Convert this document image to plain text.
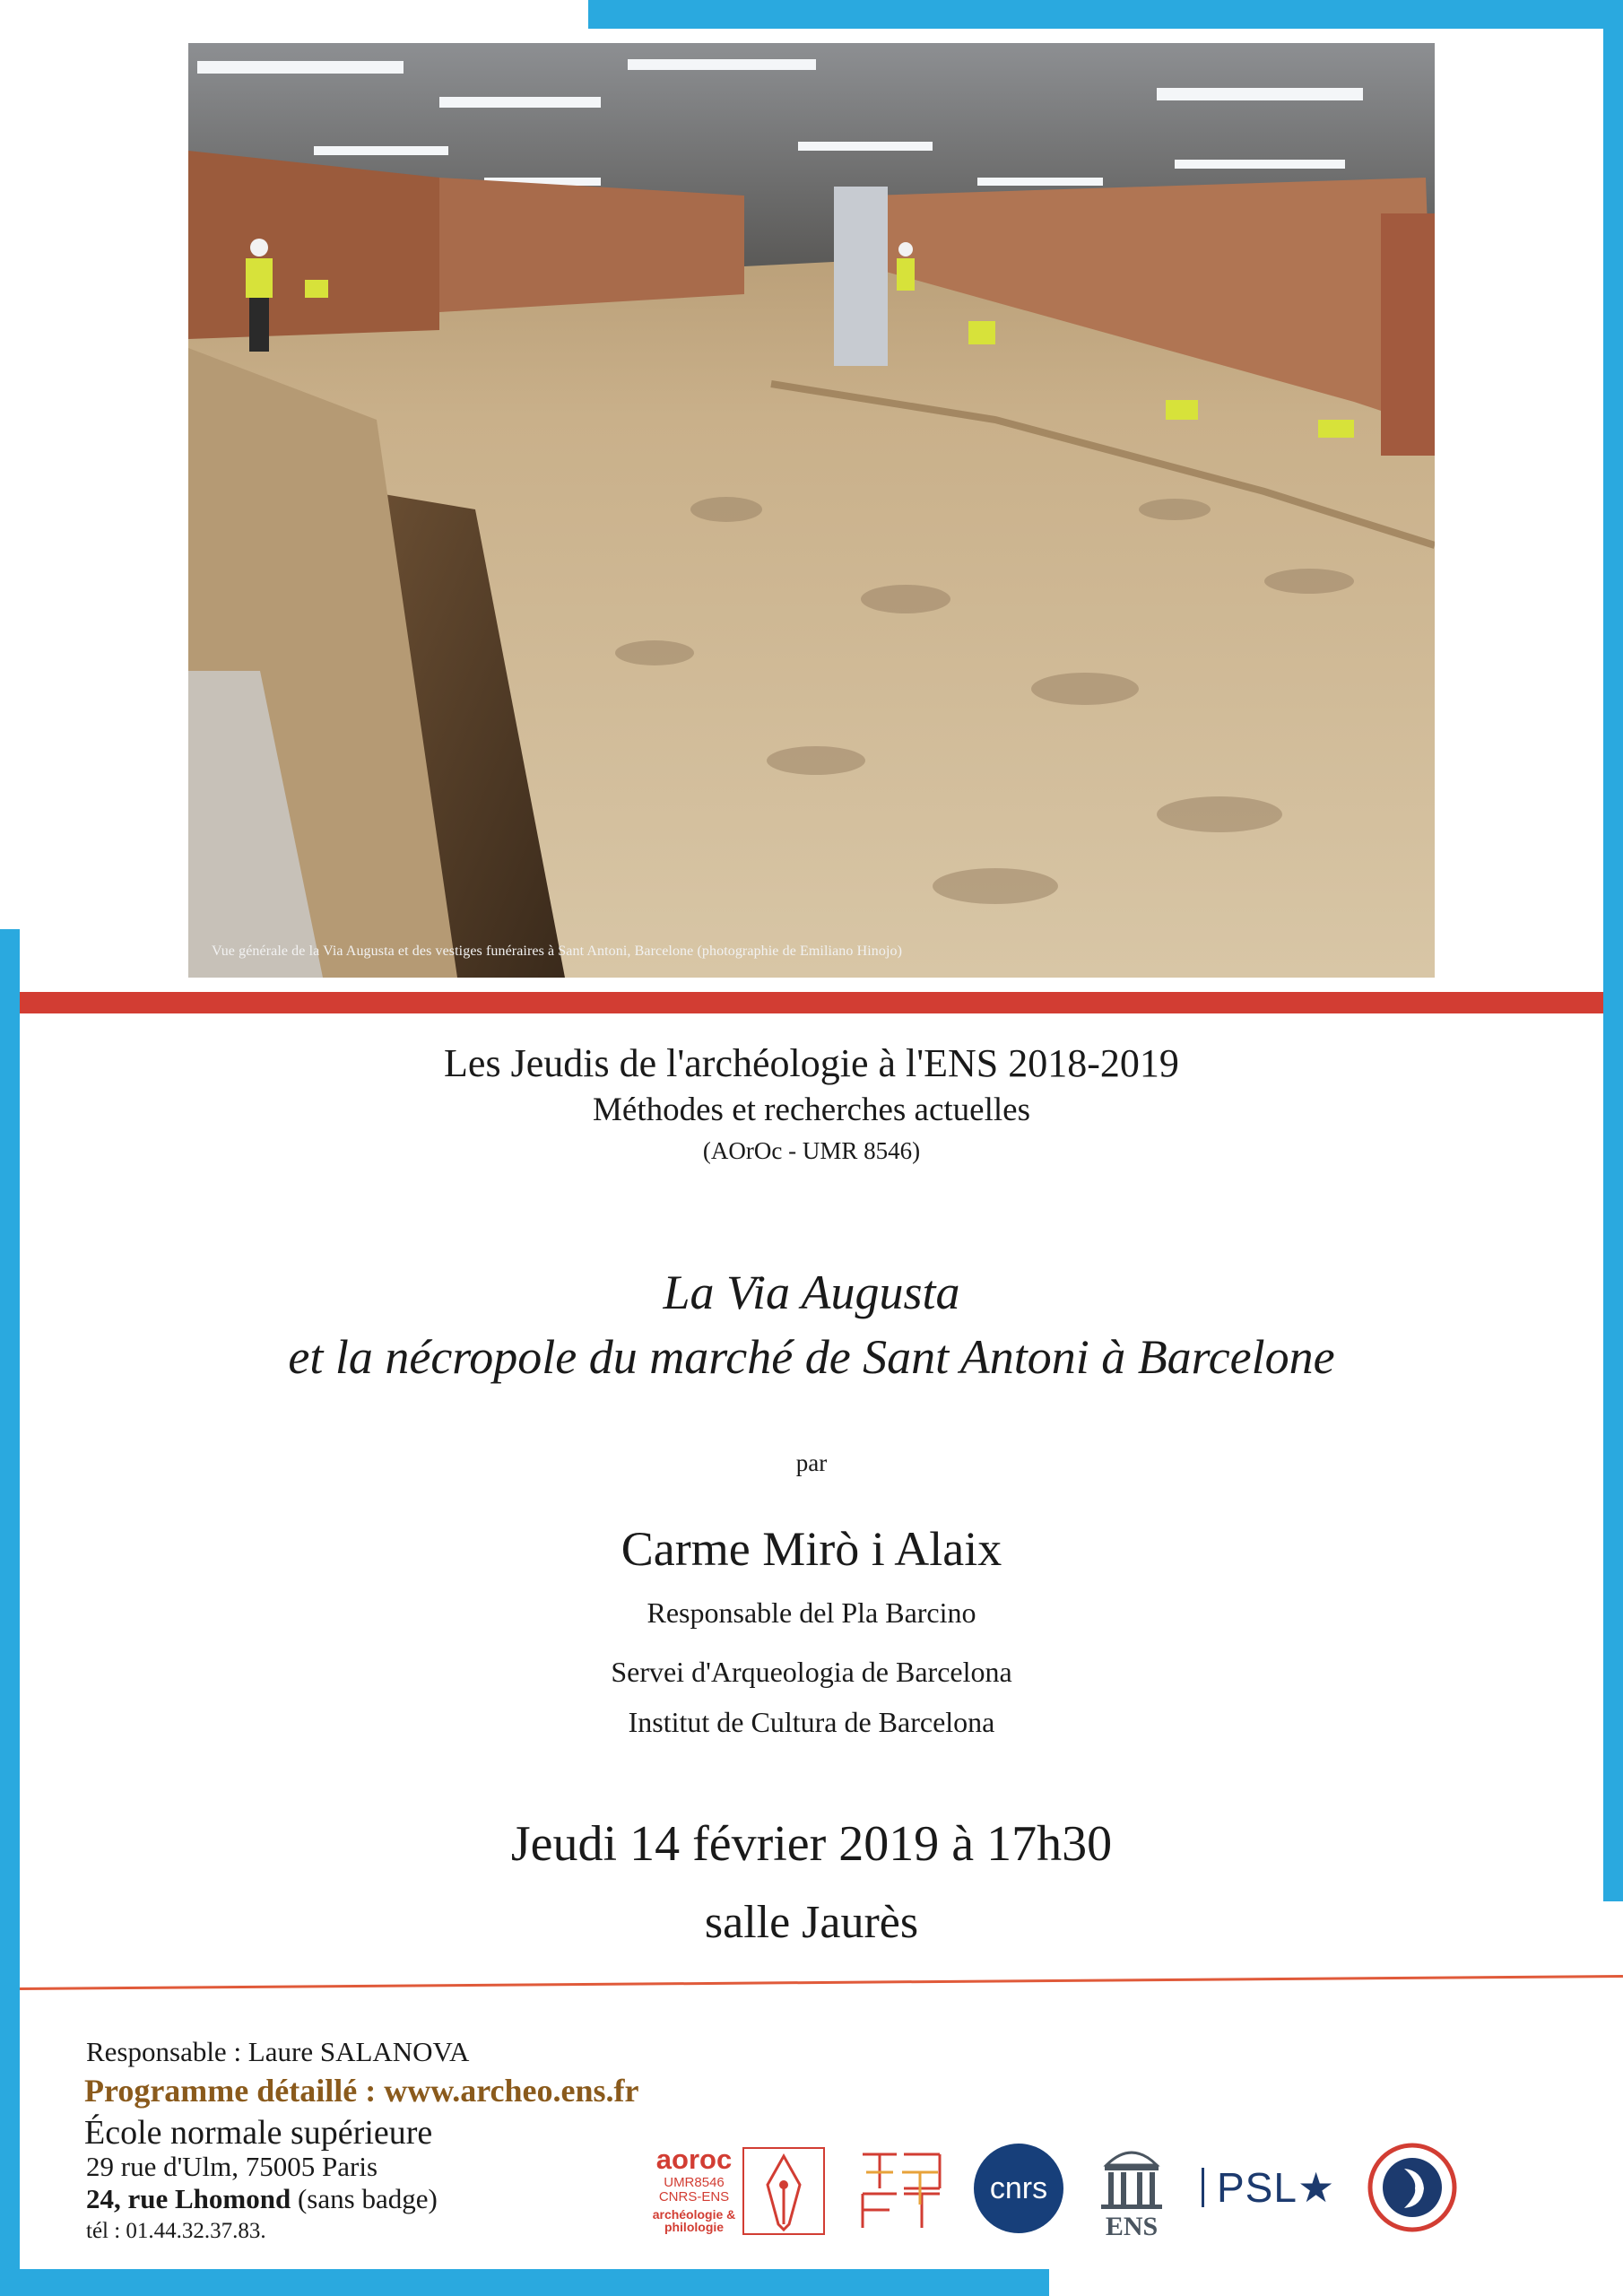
Vue générale de la Via Augusta et des vestiges funéraires à Sant Antoni, Barcelone (photographie de Emiliano Hinojo)
Les Jeudis de l'archéologie à l'ENS 2018-2019
Méthodes et recherches actuelles
(AOrOc - UMR 8546)
La Via Augusta
et la nécropole du marché de Sant Antoni à Barcelone
par
Carme Mirò i Alaix
Responsable del Pla Barcino
Servei d'Arqueologia de Barcelona
Institut de Cultura de Barcelona
Jeudi 14 février 2019 à 17h30
salle Jaurès
Responsable : Laure SALANOVA
Programme détaillé : www.archeo.ens.fr
École normale supérieure
29 rue d'Ulm, 75005 Paris
24, rue Lhomond (sans badge)
tél : 01.44.32.37.83.
aoroc
UMR8546 CNRS-ENS
archéologie & philologie
cnrs
ENS
PSL★
